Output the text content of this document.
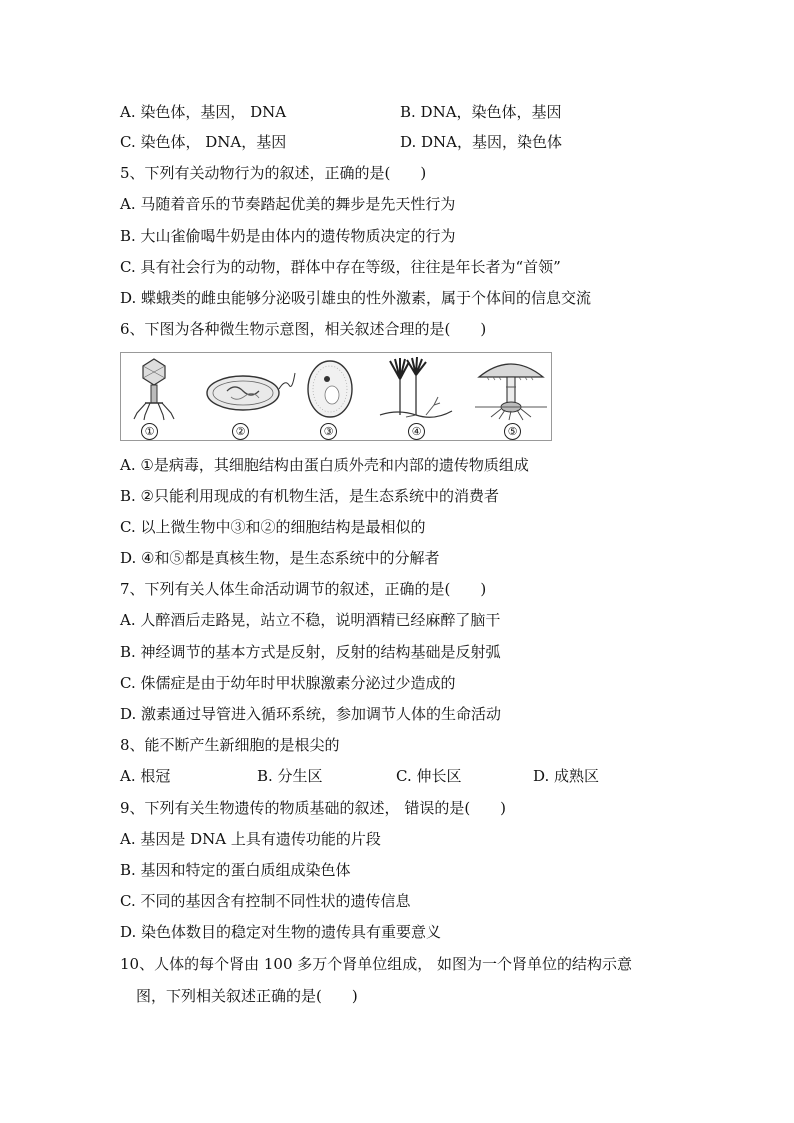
A. 染色体，基因， DNA	B. DNA，染色体，基因
C. 染色体， DNA，基因	D. DNA，基因，染色体
5、下列有关动物行为的叙述，正确的是(　　)
A. 马随着音乐的节奏踏起优美的舞步是先天性行为
B. 大山雀偷喝牛奶是由体内的遗传物质决定的行为
C. 具有社会行为的动物，群体中存在等级，往往是年长者为“首领”
D. 蝶蛾类的雌虫能够分泌吸引雄虫的性外激素，属于个体间的信息交流
6、下图为各种微生物示意图，相关叙述合理的是(　　)
①	②	③	④	⑤
A. ①是病毒，其细胞结构由蛋白质外壳和内部的遗传物质组成
B. ②只能利用现成的有机物生活，是生态系统中的消费者
C. 以上微生物中③和②的细胞结构是最相似的
D. ④和⑤都是真核生物，是生态系统中的分解者
7、下列有关人体生命活动调节的叙述，正确的是(　　)
A. 人醉酒后走路晃，站立不稳，说明酒精已经麻醉了脑干
B. 神经调节的基本方式是反射，反射的结构基础是反射弧
C. 侏儒症是由于幼年时甲状腺激素分泌过少造成的
D. 激素通过导管进入循环系统，参加调节人体的生命活动
8、能不断产生新细胞的是根尖的
A. 根冠	B. 分生区	C. 伸长区	D. 成熟区
9、下列有关生物遗传的物质基础的叙述， 错误的是(　　)
A. 基因是 DNA 上具有遗传功能的片段
B. 基因和特定的蛋白质组成染色体
C. 不同的基因含有控制不同性状的遗传信息
D. 染色体数目的稳定对生物的遗传具有重要意义
10、人体的每个肾由 100 多万个肾单位组成， 如图为一个肾单位的结构示意
图，下列相关叙述正确的是(　　)
